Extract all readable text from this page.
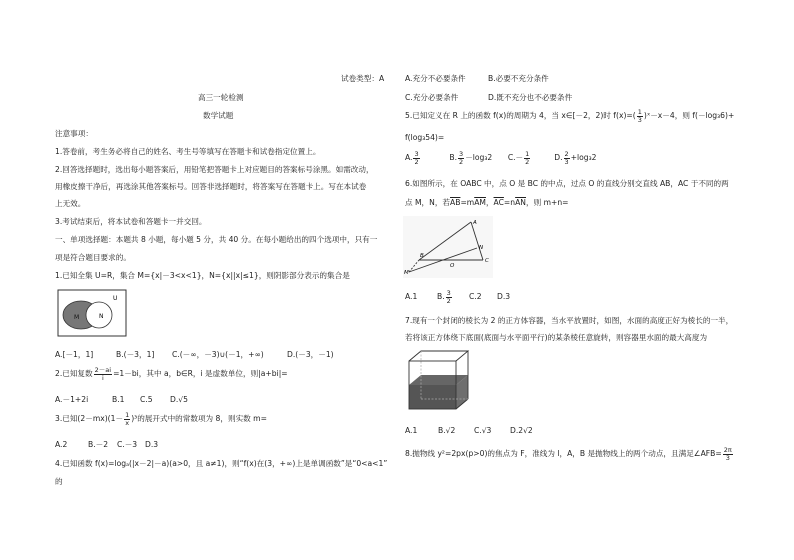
试卷类型：A
高三一轮检测
数学试题
注意事项：
1.答卷前，考生务必将自己的姓名、考生号等填写在答题卡和试卷指定位置上。
2.回答选择题时，选出每小题答案后，用铅笔把答题卡上对应题目的答案标号涂黑。如需改动，
用橡皮擦干净后，再选涂其他答案标号。回答非选择题时，将答案写在答题卡上。写在本试卷
上无效。
3.考试结束后，将本试卷和答题卡一并交回。
一、单项选择题：本题共 8 小题，每小题 5 分，共 40 分。在每小题给出的四个选项中，只有一
项是符合题目要求的。
1.已知全集 U=R，集合 M={x|－3<x<1}，N={x||x|≤1}，则阴影部分表示的集合是
U
M	N
A.[－1，1]	B.(－3，1] C.(－∞，－3)∪(－1，+∞)	D.(－3，－1)
2.已知复数 $\frac{2-ai}{i} =1-bi$，其中 a，b∈R，i 是虚数单位，则|a+bi|=
A.－1+2i	B.1 C.5 D.√5
3.已知$(2-mx)(1- \frac{1}{x} )^3$的展开式中的常数项为 8，则实数 m=
A.2	B.－2 C.－3 D.3
4.已知函数 f(x)=logₐ(|x－2|－a)(a>0，且 a≠1)，则“f(x)在(3，+∞)上是单调函数”是“0<a<1”
的
A.充分不必要条件	B.必要不充分条件
C.充分必要条件	D.既不充分也不必要条件
5.已知定义在 R 上的函数 f(x)的周期为 4，当 x∈[－2，2)时 $f(x)=( \frac{1}{3}$ )ˣ－x－4，则 f(－log₃6)+
f(log₃54)=
A. $\frac{3}{2}$	B. $\frac{3}{2} -\log_32$ $C.- \frac{1}{2}$	D. $\frac{2}{3} +\log_32$
6.如图所示，在 OABC 中，点 O 是 BC 的中点，过点 O 的直线分别交直线 AB，AC 于不同的两
点 M，N，若$\overline{AB}=m\overline{AM}$，$\overline{AC}=n\overline{AN}$，则 m+n=
A
B
C
N
O
M
A.1	B. $\frac{3}{2} C.2$ D.3
7.现有一个封闭的棱长为 2 的正方体容器，当水平放置时，如图，水面的高度正好为棱长的一半，
若将该正方体绕下底面(底面与水平面平行)的某条棱任意旋转，则容器里水面的最大高度为
A.1	B.√2 C.√3 D.2√2
8.抛物线 y²=2px(p>0)的焦点为 F，准线为 l，A，B 是抛物线上的两个动点，且满足∠AFB= $\frac{2\pi}{3}$
